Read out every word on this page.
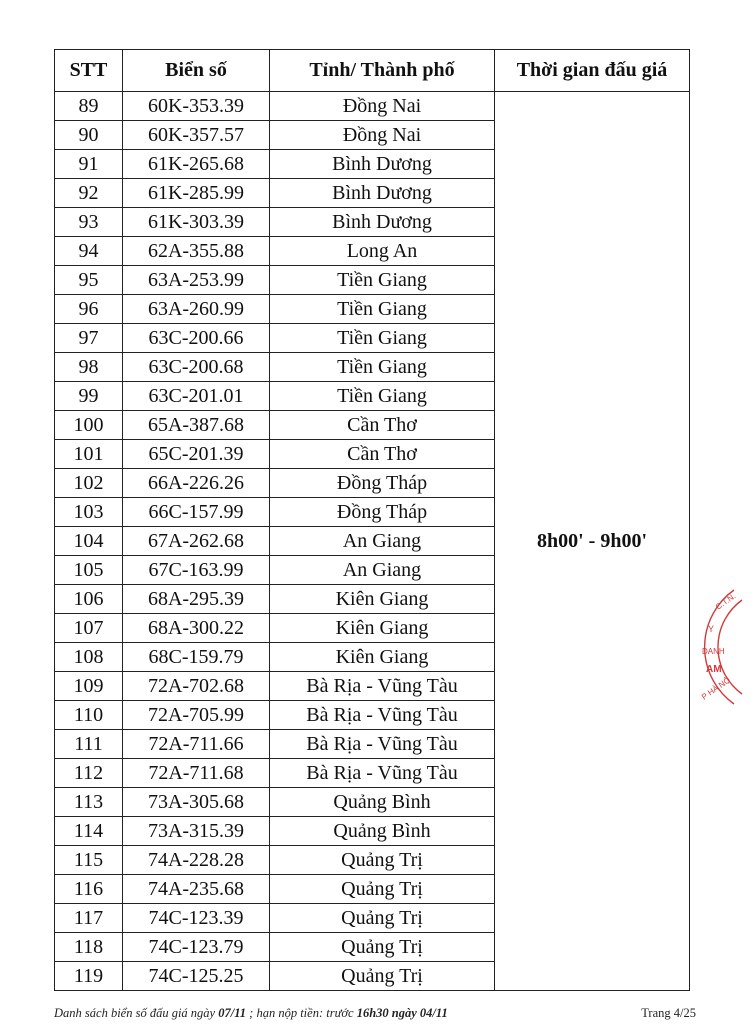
STT	Biển số	Tỉnh/ Thành phố	Thời gian đấu giá
89	60K-353.39	Đồng Nai	8h00' - 9h00'
90	60K-357.57	Đồng Nai	
91	61K-265.68	Bình Dương	
92	61K-285.99	Bình Dương	
93	61K-303.39	Bình Dương	
94	62A-355.88	Long An	
95	63A-253.99	Tiền Giang	
96	63A-260.99	Tiền Giang	
97	63C-200.66	Tiền Giang	
98	63C-200.68	Tiền Giang	
99	63C-201.01	Tiền Giang	
100	65A-387.68	Cần Thơ	
101	65C-201.39	Cần Thơ	
102	66A-226.26	Đồng Tháp	
103	66C-157.99	Đồng Tháp	
104	67A-262.68	An Giang	
105	67C-163.99	An Giang	
106	68A-295.39	Kiên Giang	
107	68A-300.22	Kiên Giang	
108	68C-159.79	Kiên Giang	
109	72A-702.68	Bà Rịa - Vũng Tàu	
110	72A-705.99	Bà Rịa - Vũng Tàu	
111	72A-711.66	Bà Rịa - Vũng Tàu	
112	72A-711.68	Bà Rịa - Vũng Tàu	
113	73A-305.68	Quảng Bình	
114	73A-315.39	Quảng Bình	
115	74A-228.28	Quảng Trị	
116	74A-235.68	Quảng Trị	
117	74C-123.39	Quảng Trị	
118	74C-123.79	Quảng Trị	
119	74C-125.25	Quảng Trị	
Danh sách biển số đấu giá ngày 07/11 ; hạn nộp tiền: trước 16h30 ngày 04/11	Trang 4/25
C.T.N.
Y
DANH
AM
P HÀ NỘ
